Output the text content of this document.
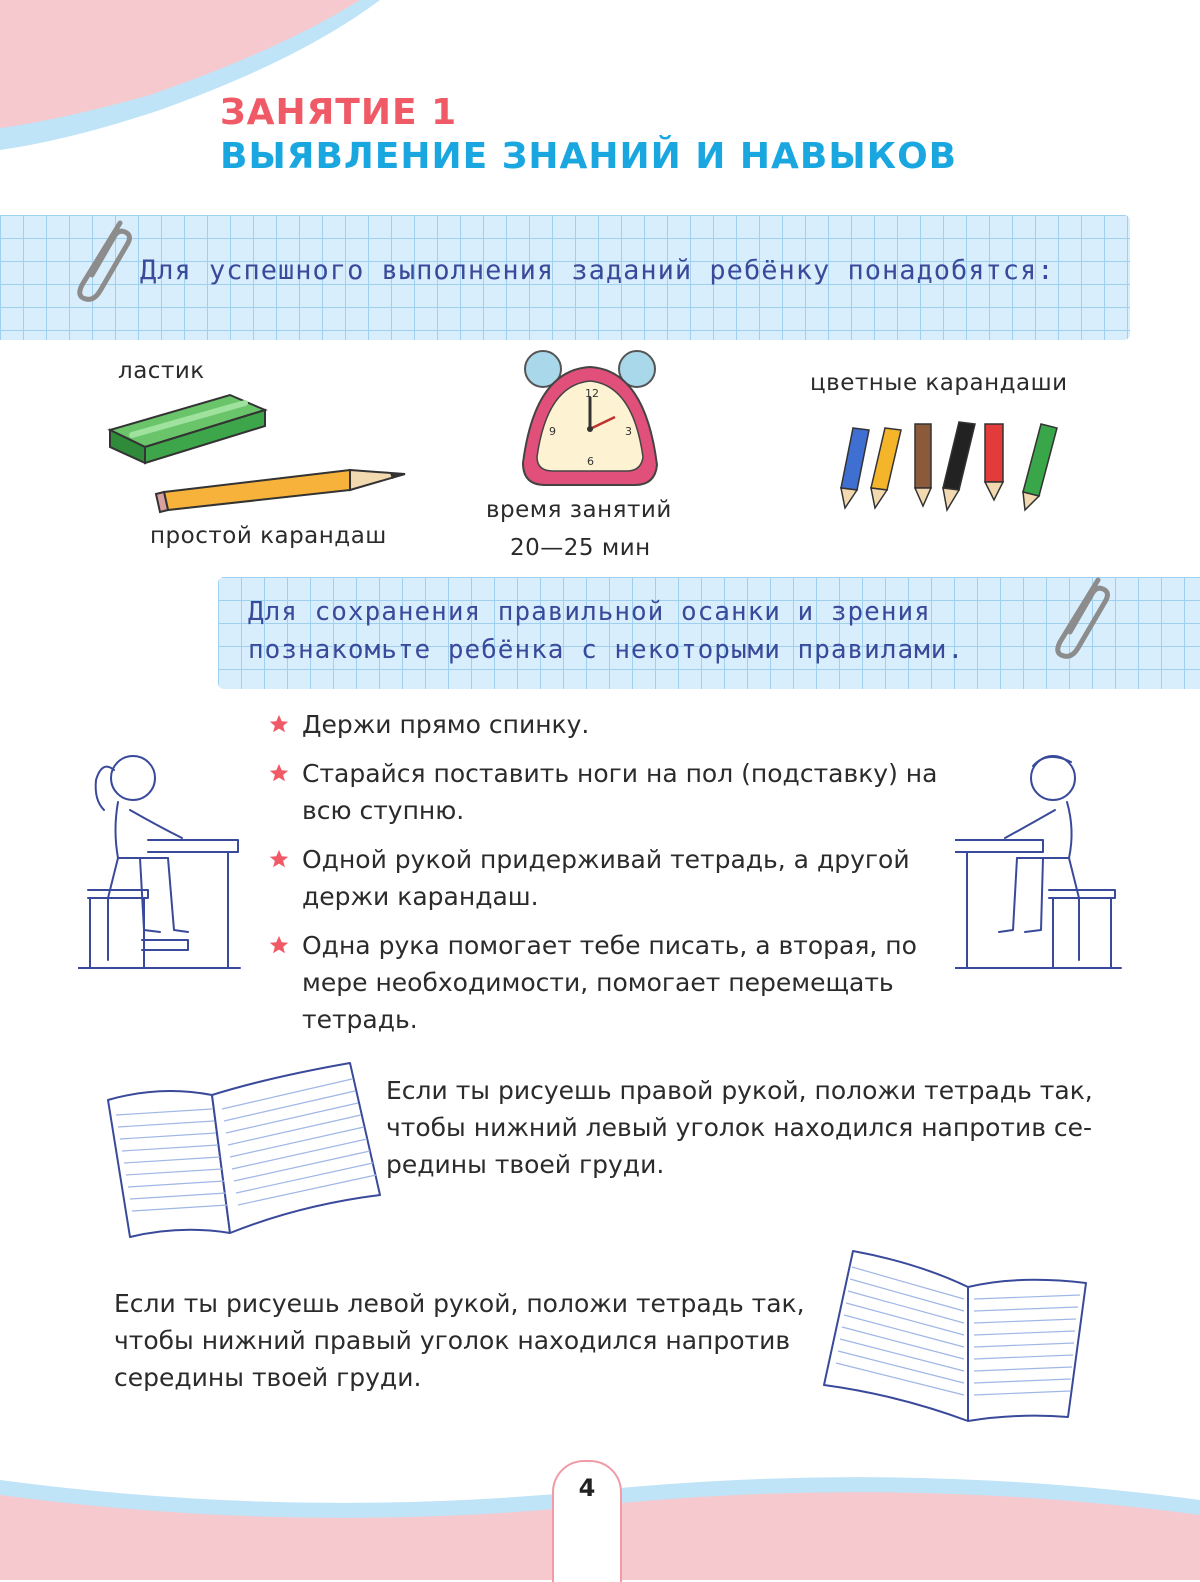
ЗАНЯТИЕ 1
ВЫЯВЛЕНИЕ ЗНАНИЙ И НАВЫКОВ
Для успешного выполнения заданий ребёнку понадобятся:
ластик
простой карандаш
время занятий
20—25 мин
цветные карандаши
12
3
6
9
Для сохранения правильной осанки и зрения
познакомьте ребёнка с некоторыми правилами.
Держи прямо спинку.
Старайся поставить ноги на пол (подставку) на всю ступню.
Одной рукой придерживай тетрадь, а другой держи карандаш.
Одна рука помогает тебе писать, а вторая, по мере необходимости, помогает перемещать тетрадь.
Если ты рисуешь правой рукой, положи тетрадь так,
чтобы нижний левый уголок находился напротив се-
редины твоей груди.
Если ты рисуешь левой рукой, положи тетрадь так,
чтобы нижний правый уголок находился напротив
середины твоей груди.
4
